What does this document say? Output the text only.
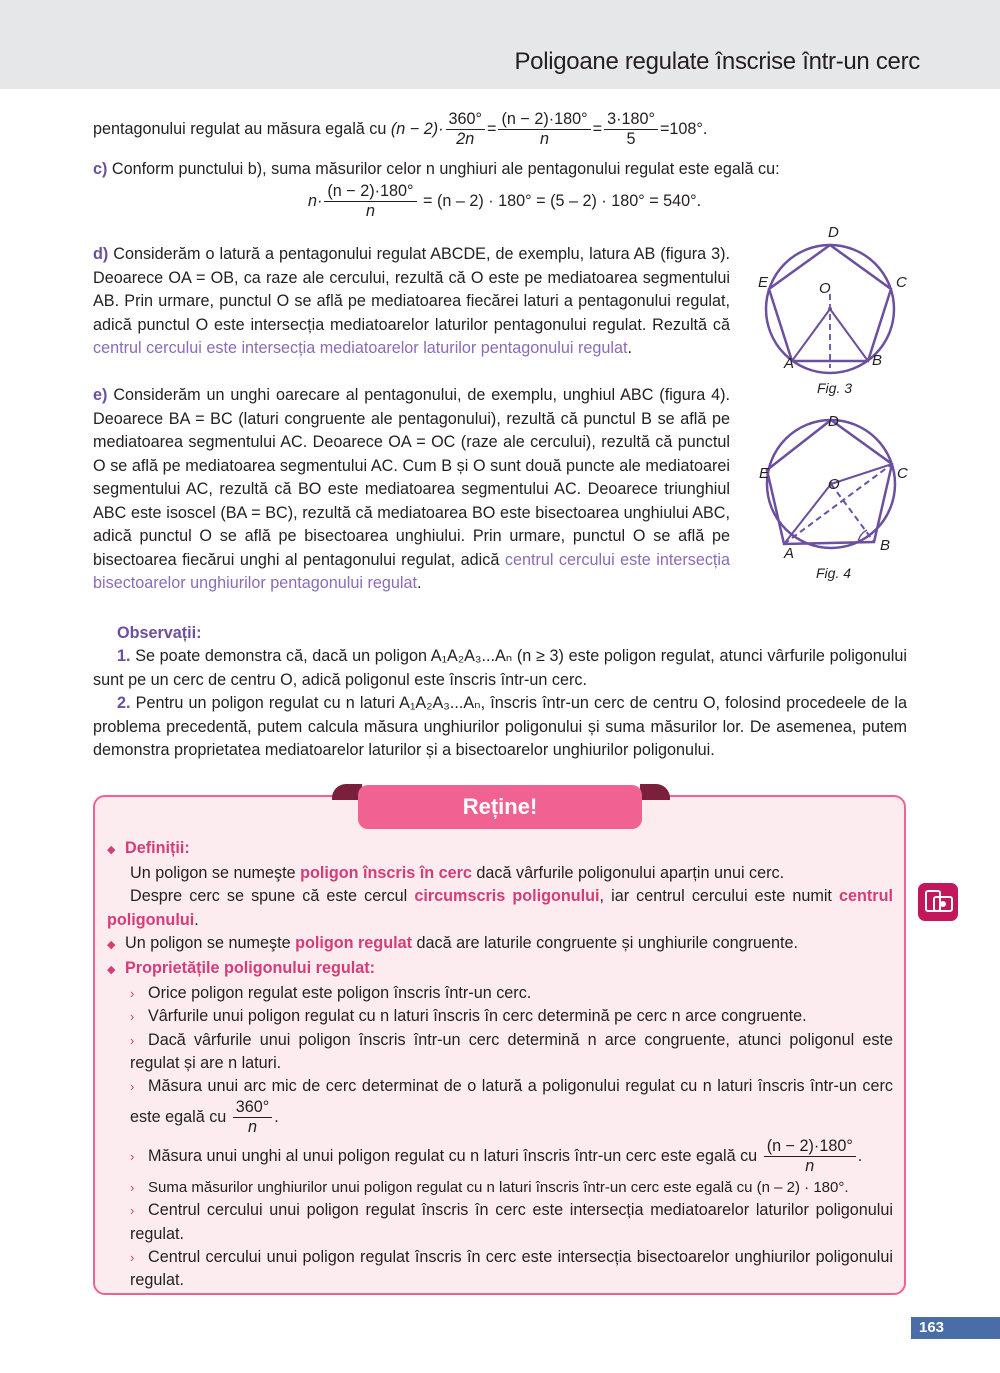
Poligoane regulate înscrise într-un cerc
pentagonului regulat au măsura egală cu $(n - 2)\cdot \frac{360^\circ}{2n} = \frac{(n - 2)\cdot 180^\circ}{n} = \frac{3\cdot 180^\circ}{5} =108^\circ$.
c) Conform punctului b), suma măsurilor celor n unghiuri ale pentagonului regulat este egală cu:
$n\cdot \frac{(n - 2)\cdot 180^\circ}{n} = (n - 2) \cdot 180^\circ = (5 - 2) \cdot 180^\circ = 540^\circ$.
d) Considerăm o latură a pentagonului regulat ABCDE, de exemplu, latura AB (figura 3). Deoarece OA = OB, ca raze ale cercului, rezultă că O este pe mediatoarea segmentului AB. Prin urmare, punctul O se află pe mediatoarea fiecărei laturi a pentagonului regulat, adică punctul O este intersecția mediatoarelor laturilor pentagonului regulat. Rezultă că centrul cercului este intersecția mediatoarelor laturilor pentagonului regulat.
e) Considerăm un unghi oarecare al pentagonului, de exemplu, unghiul ABC (figura 4). Deoarece BA = BC (laturi congruente ale pentagonului), rezultă că punctul B se află pe mediatoarea segmentului AC. Deoarece OA = OC (raze ale cercului), rezultă că punctul O se află pe mediatoarea segmentului AC. Cum B și O sunt două puncte ale mediatoarei segmentului AC, rezultă că BO este mediatoarea segmentului AC. Deoarece triunghiul ABC este isoscel (BA = BC), rezultă că mediatoarea BO este bisectoarea unghiului ABC, adică punctul O se află pe bisectoarea unghiului. Prin urmare, punctul O se află pe bisectoarea fiecărui unghi al pentagonului regulat, adică centrul cercului este intersecția bisectoarelor unghiurilor pentagonului regulat.
D
C
E	O
A	B
Fig. 3
D
C
E
O
A	B
Fig. 4
Observații:
1. Se poate demonstra că, dacă un poligon A₁A₂A₃...Aₙ (n ≥ 3) este poligon regulat, atunci vârfurile poligonului sunt pe un cerc de centru O, adică poligonul este înscris într-un cerc.
2. Pentru un poligon regulat cu n laturi A₁A₂A₃...Aₙ, înscris într-un cerc de centru O, folosind procedeele de la problema precedentă, putem calcula măsura unghiurilor poligonului și suma măsurilor lor. De asemenea, putem demonstra proprietatea mediatoarelor laturilor și a bisectoarelor unghiurilor poligonului.
Reține!
◆ Definiții:
Un poligon se numeşte poligon înscris în cerc dacă vârfurile poligonului aparțin unui cerc.
Despre cerc se spune că este cercul circumscris poligonului, iar centrul cercului este numit centrul poligonului.
◆ Un poligon se numeşte poligon regulat dacă are laturile congruente și unghiurile congruente.
◆ Proprietățile poligonului regulat:
› Orice poligon regulat este poligon înscris într-un cerc.
› Vârfurile unui poligon regulat cu n laturi înscris în cerc determină pe cerc n arce congruente.
› Dacă vârfurile unui poligon înscris într-un cerc determină n arce congruente, atunci poligonul este regulat și are n laturi.
› Măsura unui arc mic de cerc determinat de o latură a poligonului regulat cu n laturi înscris într-un cerc este egală cu $\frac{360^\circ}{n}$ .
› Măsura unui unghi al unui poligon regulat cu n laturi înscris într-un cerc este egală cu $\frac{(n - 2)\cdot 180^\circ}{n}$ .
› Suma măsurilor unghiurilor unui poligon regulat cu n laturi înscris într-un cerc este egală cu (n – 2) · 180°.
› Centrul cercului unui poligon regulat înscris în cerc este intersecția mediatoarelor laturilor poligonului regulat.
› Centrul cercului unui poligon regulat înscris în cerc este intersecția bisectoarelor unghiurilor poligonului regulat.
163
